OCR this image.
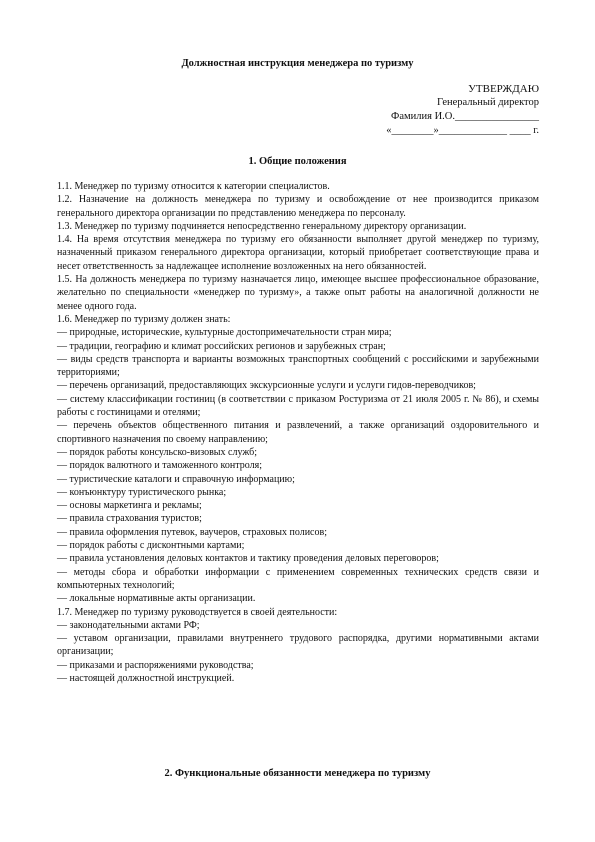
Должностная инструкция менеджера по туризму
УТВЕРЖДАЮ
Генеральный директор
Фамилия И.О.________________
«________»_____________ ____ г.
1. Общие положения

1.1. Менеджер по туризму относится к категории специалистов.

1.2. Назначение на должность менеджера по туризму и освобождение от нее производится приказом генерального директора организации по представлению менеджера по персоналу.

1.3. Менеджер по туризму подчиняется непосредственно генеральному директору организации.

1.4. На время отсутствия менеджера по туризму его обязанности выполняет другой менеджер по туризму, назначенный приказом генерального директора организации, который приобретает соответствующие права и несет ответственность за надлежащее исполнение возложенных на него обязанностей.

1.5. На должность менеджера по туризму назначается лицо, имеющее высшее профессиональное образование, желательно по специальности «менеджер по туризму», а также опыт работы на аналогичной должности не менее одного года.

1.6. Менеджер по туризму должен знать:

— природные, исторические, культурные достопримечательности стран мира;

— традиции, географию и климат российских регионов и зарубежных стран;

— виды средств транспорта и варианты возможных транспортных сообщений с российскими и зарубежными территориями;

— перечень организаций, предоставляющих экскурсионные услуги и услуги гидов-переводчиков;

— систему классификации гостиниц (в соответствии с приказом Ростуризма от 21 июля 2005 г. № 86), и схемы работы с гостиницами и отелями;

— перечень объектов общественного питания и развлечений, а также организаций оздоровительного и спортивного назначения по своему направлению;

— порядок работы консульско-визовых служб;

— порядок валютного и таможенного контроля;

— туристические каталоги и справочную информацию;

— конъюнктуру туристического рынка;

— основы маркетинга и рекламы;

— правила страхования туристов;

— правила оформления путевок, ваучеров, страховых полисов;

— порядок работы с дисконтными картами;

— правила установления деловых контактов и тактику проведения деловых переговоров;

— методы сбора и обработки информации с применением современных технических средств связи и компьютерных технологий;

— локальные нормативные акты организации.

1.7. Менеджер по туризму руководствуется в своей деятельности:

— законодательными актами РФ;

— уставом организации, правилами внутреннего трудового распорядка, другими нормативными актами организации;

— приказами и распоряжениями руководства;

— настоящей должностной инструкцией.

2. Функциональные обязанности менеджера по туризму
